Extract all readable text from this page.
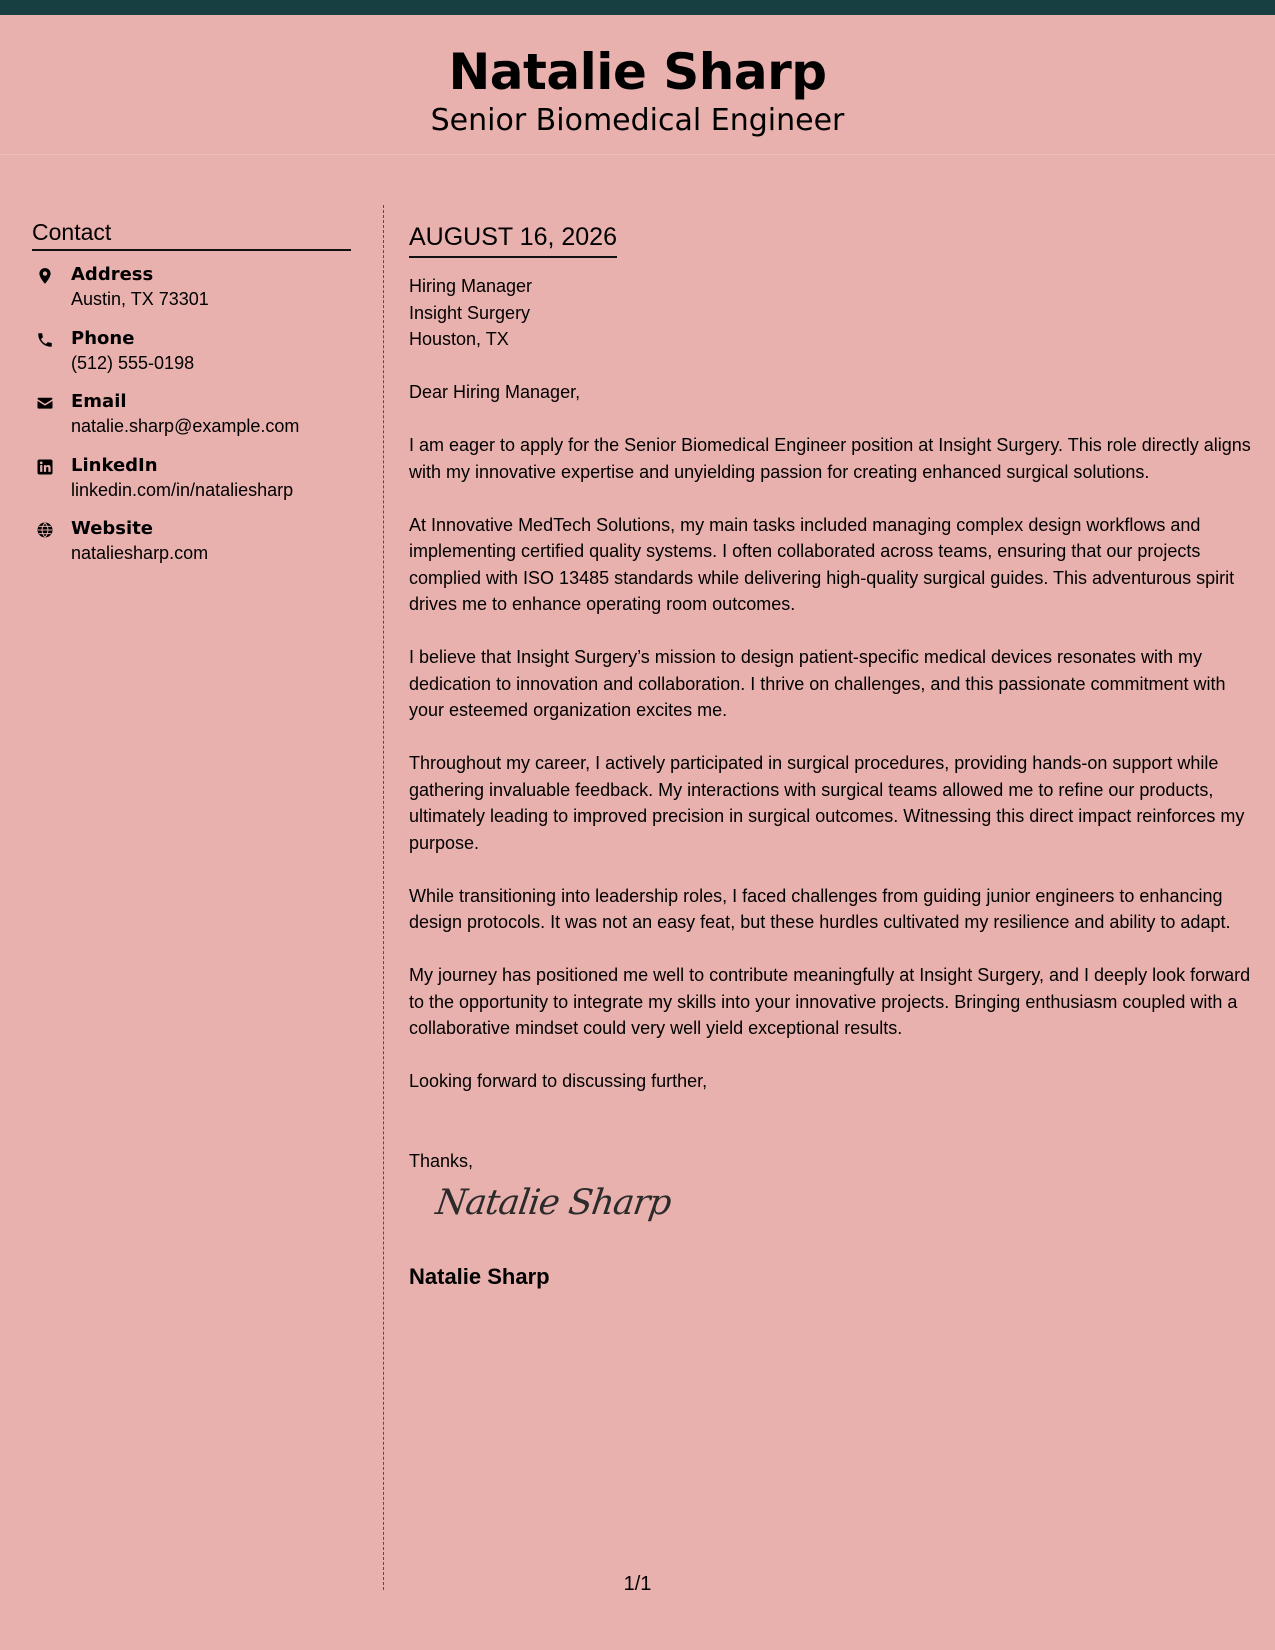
Natalie Sharp
Senior Biomedical Engineer
Contact
Address
Austin, TX 73301
Phone
(512) 555-0198
Email
natalie.sharp@example.com
LinkedIn
linkedin.com/in/nataliesharp
Website
nataliesharp.com
AUGUST 16, 2026
Hiring Manager
Insight Surgery
Houston, TX

Dear Hiring Manager,

I am eager to apply for the Senior Biomedical Engineer position at Insight Surgery. This role directly aligns with my innovative expertise and unyielding passion for creating enhanced surgical solutions.

At Innovative MedTech Solutions, my main tasks included managing complex design workflows and implementing certified quality systems. I often collaborated across teams, ensuring that our projects complied with ISO 13485 standards while delivering high-quality surgical guides. This adventurous spirit drives me to enhance operating room outcomes.

I believe that Insight Surgery’s mission to design patient-specific medical devices resonates with my dedication to innovation and collaboration. I thrive on challenges, and this passionate commitment with your esteemed organization excites me.

Throughout my career, I actively participated in surgical procedures, providing hands-on support while gathering invaluable feedback. My interactions with surgical teams allowed me to refine our products, ultimately leading to improved precision in surgical outcomes. Witnessing this direct impact reinforces my purpose.

While transitioning into leadership roles, I faced challenges from guiding junior engineers to enhancing design protocols. It was not an easy feat, but these hurdles cultivated my resilience and ability to adapt.

My journey has positioned me well to contribute meaningfully at Insight Surgery, and I deeply look forward to the opportunity to integrate my skills into your innovative projects. Bringing enthusiasm coupled with a collaborative mindset could very well yield exceptional results.

Looking forward to discussing further,

Thanks,

Natalie Sharp
Natalie Sharp
1/1
